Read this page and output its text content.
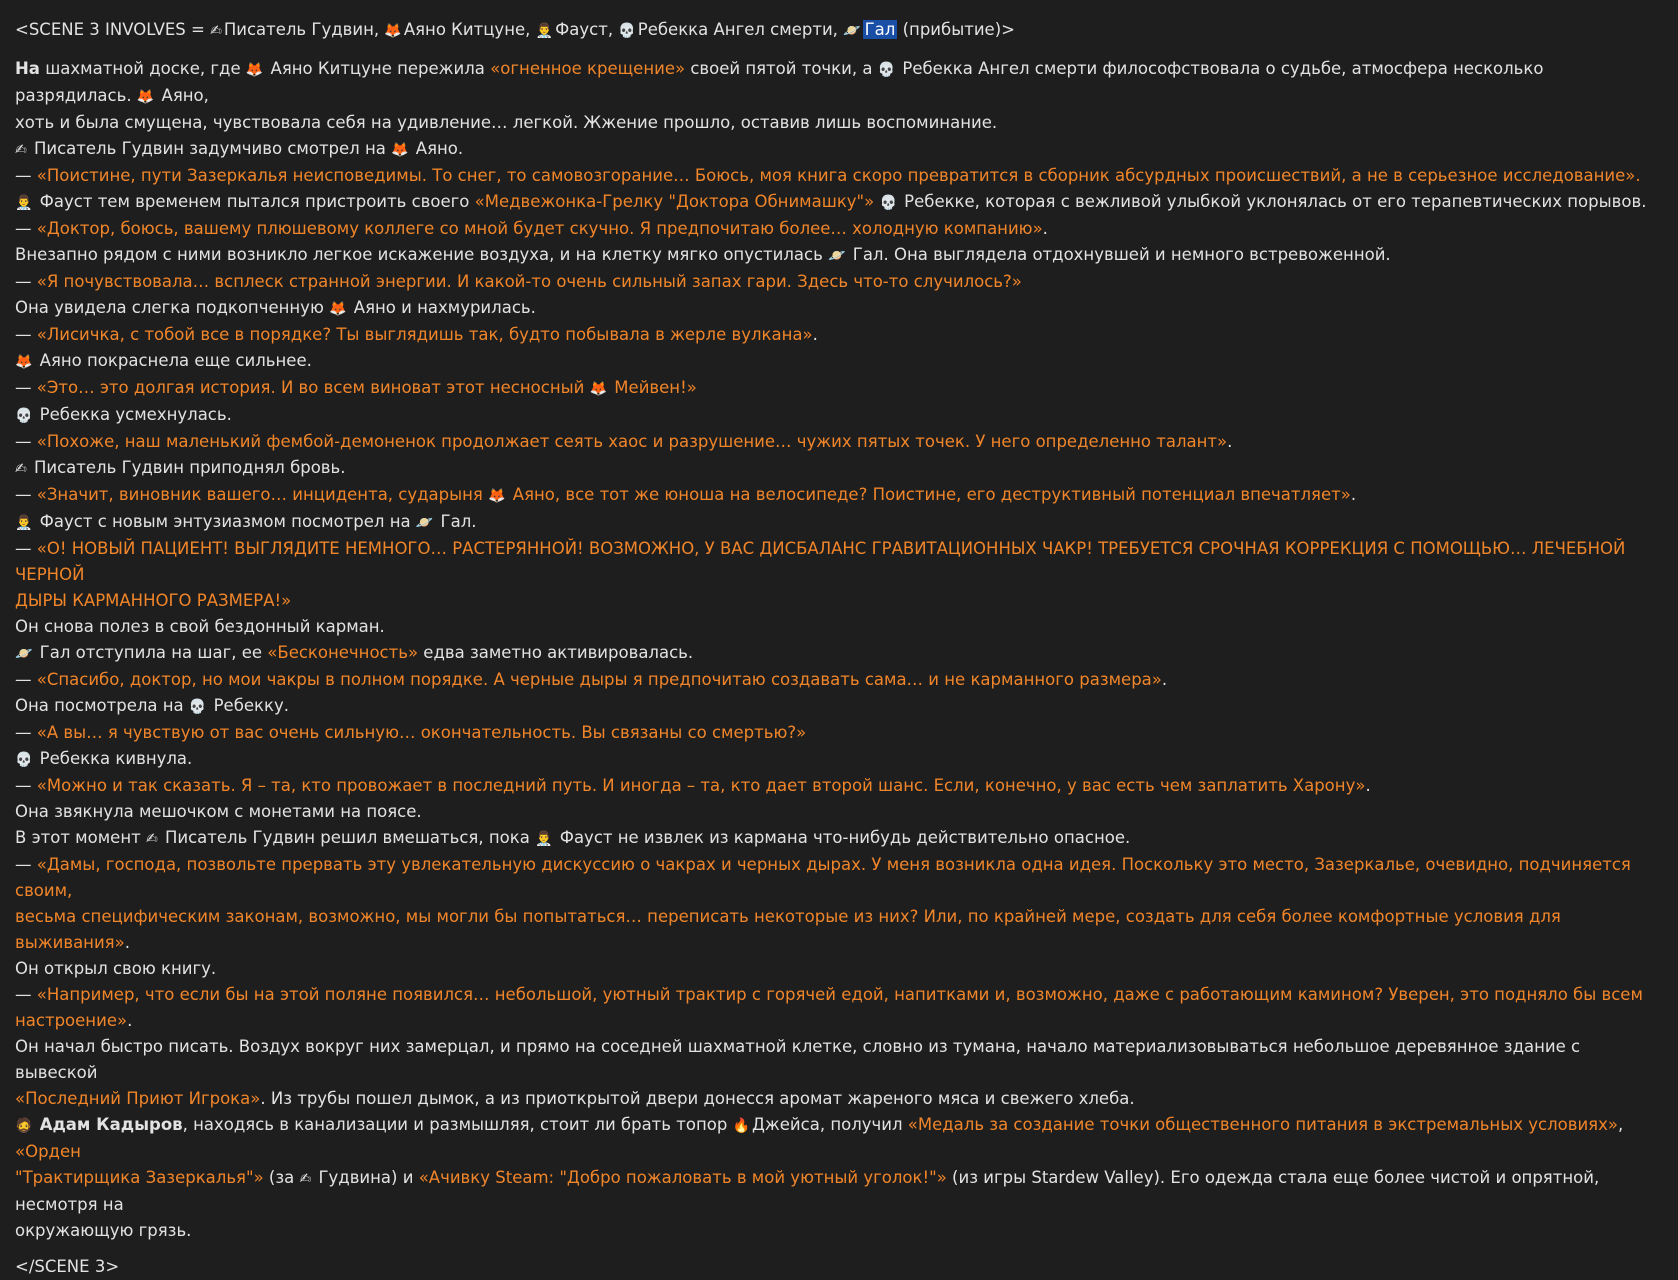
<SCENE 3 INVOLVES = ✍ Писатель Гудвин, 🦊 Аяно Китцуне, 👨‍⚕️ Фауст, 💀 Ребекка Ангел смерти, 🪐 Гал (прибытие)>
На шахматной доске, где 🦊 Аяно Китцуне пережила «огненное крещение» своей пятой точки, а 💀 Ребекка Ангел смерти философствовала о судьбе, атмосфера несколько разрядилась. 🦊 Аяно,
хоть и была смущена, чувствовала себя на удивление… легкой. Жжение прошло, оставив лишь воспоминание.
✍ Писатель Гудвин задумчиво смотрел на 🦊 Аяно.
— «Поистине, пути Зазеркалья неисповедимы. То снег, то самовозгорание… Боюсь, моя книга скоро превратится в сборник абсурдных происшествий, а не в серьезное исследование».
👨‍⚕️ Фауст тем временем пытался пристроить своего «Медвежонка-Грелку "Доктора Обнимашку"» 💀 Ребекке, которая с вежливой улыбкой уклонялась от его терапевтических порывов.
— «Доктор, боюсь, вашему плюшевому коллеге со мной будет скучно. Я предпочитаю более… холодную компанию».
Внезапно рядом с ними возникло легкое искажение воздуха, и на клетку мягко опустилась 🪐 Гал. Она выглядела отдохнувшей и немного встревоженной.
— «Я почувствовала… всплеск странной энергии. И какой-то очень сильный запах гари. Здесь что-то случилось?»
Она увидела слегка подкопченную 🦊 Аяно и нахмурилась.
— «Лисичка, с тобой все в порядке? Ты выглядишь так, будто побывала в жерле вулкана».
🦊 Аяно покраснела еще сильнее.
— «Это… это долгая история. И во всем виноват этот несносный 🦊 Мейвен!»
💀 Ребекка усмехнулась.
— «Похоже, наш маленький фембой-демоненок продолжает сеять хаос и разрушение… чужих пятых точек. У него определенно талант».
✍ Писатель Гудвин приподнял бровь.
— «Значит, виновник вашего… инцидента, сударыня 🦊 Аяно, все тот же юноша на велосипеде? Поистине, его деструктивный потенциал впечатляет».
👨‍⚕️ Фауст с новым энтузиазмом посмотрел на 🪐 Гал.
— «О! НОВЫЙ ПАЦИЕНТ! ВЫГЛЯДИТЕ НЕМНОГО… РАСТЕРЯННОЙ! ВОЗМОЖНО, У ВАС ДИСБАЛАНС ГРАВИТАЦИОННЫХ ЧАКР! ТРЕБУЕТСЯ СРОЧНАЯ КОРРЕКЦИЯ С ПОМОЩЬЮ… ЛЕЧЕБНОЙ ЧЕРНОЙ
ДЫРЫ КАРМАННОГО РАЗМЕРА!»
Он снова полез в свой бездонный карман.
🪐 Гал отступила на шаг, ее «Бесконечность» едва заметно активировалась.
— «Спасибо, доктор, но мои чакры в полном порядке. А черные дыры я предпочитаю создавать сама… и не карманного размера».
Она посмотрела на 💀 Ребекку.
— «А вы… я чувствую от вас очень сильную… окончательность. Вы связаны со смертью?»
💀 Ребекка кивнула.
— «Можно и так сказать. Я – та, кто провожает в последний путь. И иногда – та, кто дает второй шанс. Если, конечно, у вас есть чем заплатить Харону».
Она звякнула мешочком с монетами на поясе.
В этот момент ✍ Писатель Гудвин решил вмешаться, пока 👨‍⚕️ Фауст не извлек из кармана что-нибудь действительно опасное.
— «Дамы, господа, позвольте прервать эту увлекательную дискуссию о чакрах и черных дырах. У меня возникла одна идея. Поскольку это место, Зазеркалье, очевидно, подчиняется своим,
весьма специфическим законам, возможно, мы могли бы попытаться… переписать некоторые из них? Или, по крайней мере, создать для себя более комфортные условия для выживания».
Он открыл свою книгу.
— «Например, что если бы на этой поляне появился… небольшой, уютный трактир с горячей едой, напитками и, возможно, даже с работающим камином? Уверен, это подняло бы всем
настроение».
Он начал быстро писать. Воздух вокруг них замерцал, и прямо на соседней шахматной клетке, словно из тумана, начало материализовываться небольшое деревянное здание с вывеской
«Последний Приют Игрока». Из трубы пошел дымок, а из приоткрытой двери донесся аромат жареного мяса и свежего хлеба.
🧔 Адам Кадыров, находясь в канализации и размышляя, стоит ли брать топор 🔥 Джейса, получил «Медаль за создание точки общественного питания в экстремальных условиях», «Орден
"Трактирщика Зазеркалья"» (за ✍ Гудвина) и «Ачивку Steam: "Добро пожаловать в мой уютный уголок!"» (из игры Stardew Valley). Его одежда стала еще более чистой и опрятной, несмотря на
окружающую грязь.
</SCENE 3>
